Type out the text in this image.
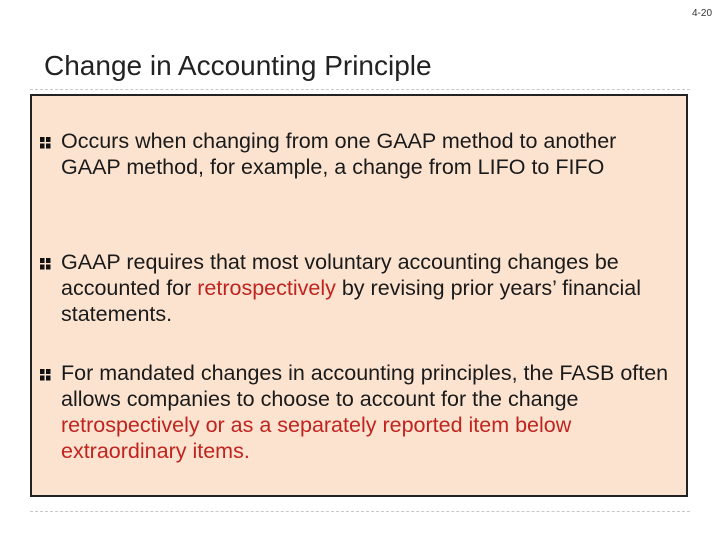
4-20
Change in Accounting Principle
Occurs when changing from one GAAP method to another GAAP method, for example, a change from LIFO to FIFO
GAAP requires that most voluntary accounting changes be accounted for retrospectively by revising prior years’ financial statements.
For mandated changes in accounting principles, the FASB often allows companies to choose to account for the change retrospectively or as a separately reported item below extraordinary items.
